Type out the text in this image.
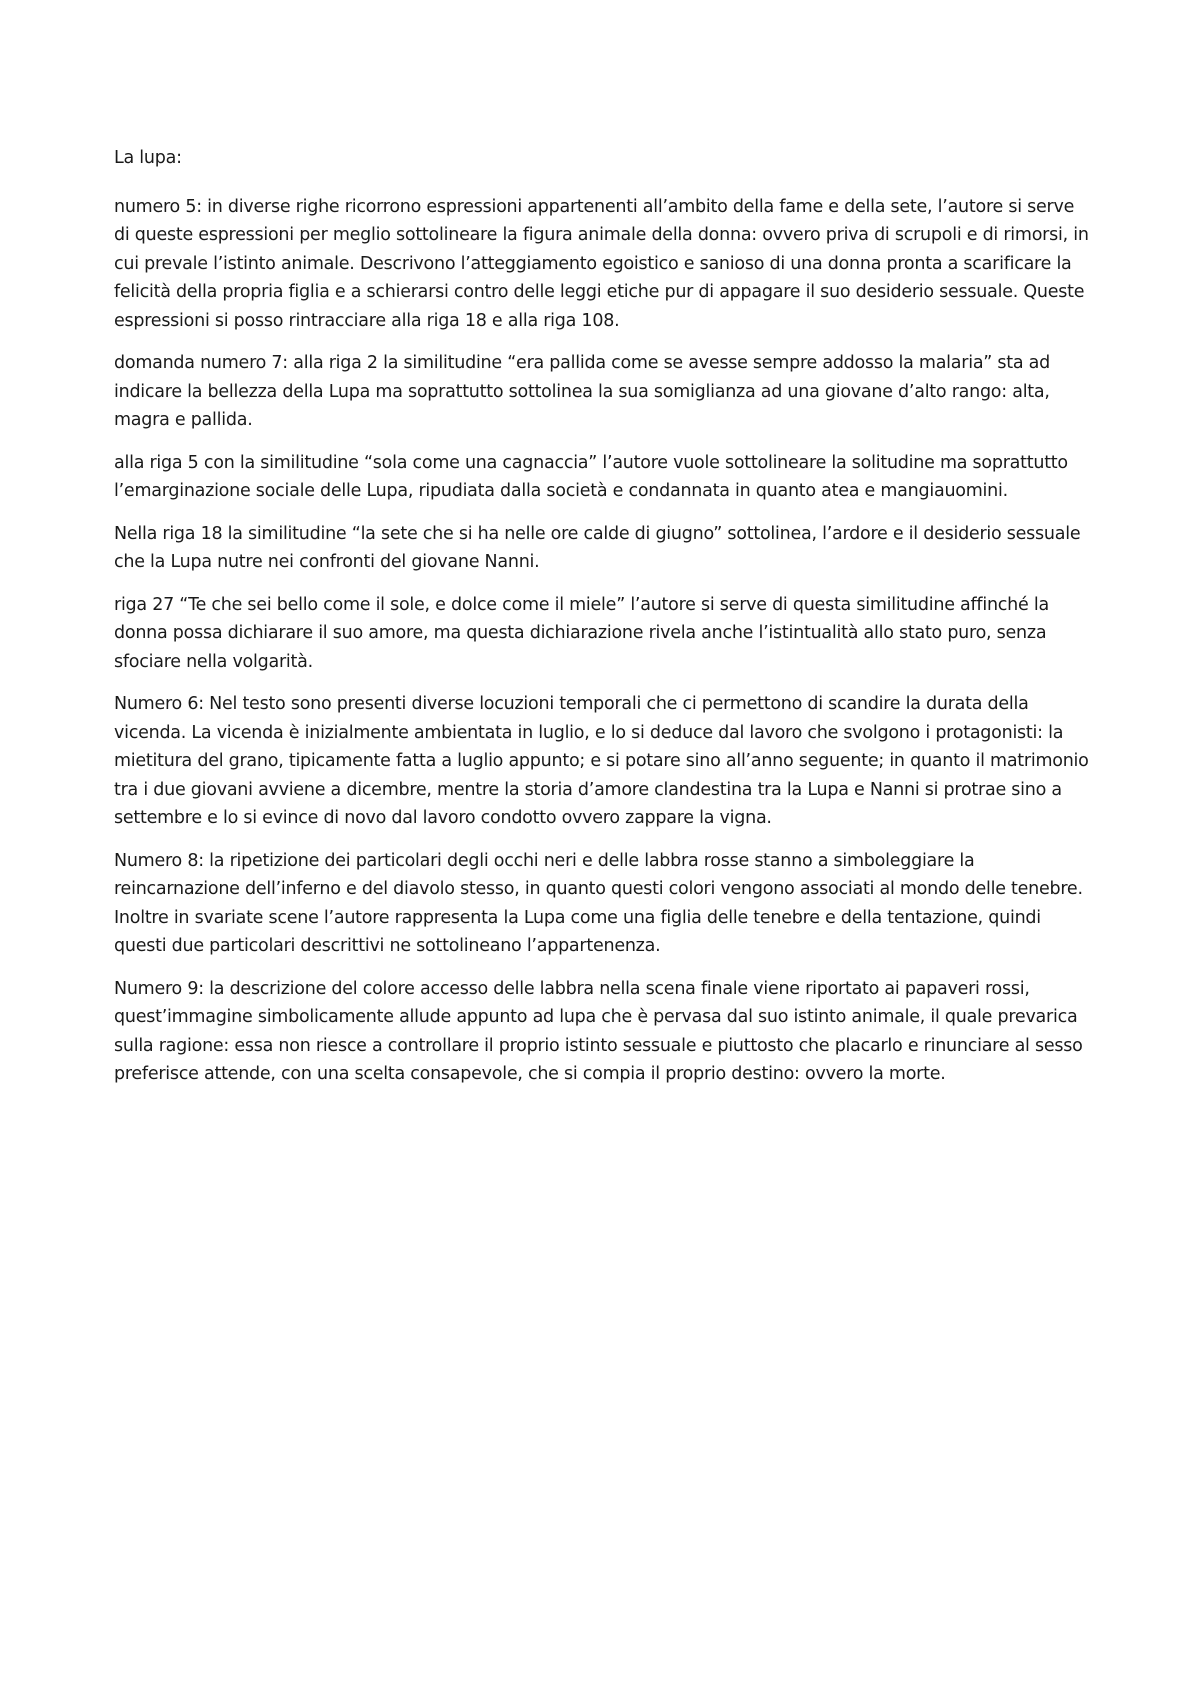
La lupa:

numero 5: in diverse righe ricorrono espressioni appartenenti all’ambito della fame e della sete, l’autore si serve di queste espressioni per meglio sottolineare la figura animale della donna: ovvero priva di scrupoli e di rimorsi, in cui prevale l’istinto animale. Descrivono l’atteggiamento egoistico e sanioso di una donna pronta a scarificare la felicità della propria figlia e a schierarsi contro delle leggi etiche pur di appagare il suo desiderio sessuale. Queste espressioni si posso rintracciare alla riga 18 e alla riga 108.

domanda numero 7: alla riga 2 la similitudine “era pallida come se avesse sempre addosso la malaria” sta ad indicare la bellezza della Lupa ma soprattutto sottolinea la sua somiglianza ad una giovane d’alto rango: alta, magra e pallida.

alla riga 5 con la similitudine “sola come una cagnaccia” l’autore vuole sottolineare la solitudine ma soprattutto l’emarginazione sociale delle Lupa, ripudiata dalla società e condannata in quanto atea e mangiauomini.

Nella riga 18 la similitudine “la sete che si ha nelle ore calde di giugno” sottolinea, l’ardore e il desiderio sessuale che la Lupa nutre nei confronti del giovane Nanni.

riga 27 “Te che sei bello come il sole, e dolce come il miele” l’autore si serve di questa similitudine affinché la donna possa dichiarare il suo amore, ma questa dichiarazione rivela anche l’istintualità allo stato puro, senza sfociare nella volgarità.

Numero 6: Nel testo sono presenti diverse locuzioni temporali che ci permettono di scandire la durata della vicenda. La vicenda è inizialmente ambientata in luglio, e lo si deduce dal lavoro che svolgono i protagonisti: la mietitura del grano, tipicamente fatta a luglio appunto; e si potare sino all’anno seguente; in quanto il matrimonio tra i due giovani avviene a dicembre, mentre la storia d’amore clandestina tra la Lupa e Nanni si protrae sino a settembre e lo si evince di novo dal lavoro condotto ovvero zappare la vigna.

Numero 8: la ripetizione dei particolari degli occhi neri e delle labbra rosse stanno a simboleggiare la reincarnazione dell’inferno e del diavolo stesso, in quanto questi colori vengono associati al mondo delle tenebre. Inoltre in svariate scene l’autore rappresenta la Lupa come una figlia delle tenebre e della tentazione, quindi questi due particolari descrittivi ne sottolineano l’appartenenza.

Numero 9: la descrizione del colore accesso delle labbra nella scena finale viene riportato ai papaveri rossi, quest’immagine simbolicamente allude appunto ad lupa che è pervasa dal suo istinto animale, il quale prevarica sulla ragione: essa non riesce a controllare il proprio istinto sessuale e piuttosto che placarlo e rinunciare al sesso preferisce attende, con una scelta consapevole, che si compia il proprio destino: ovvero la morte.
